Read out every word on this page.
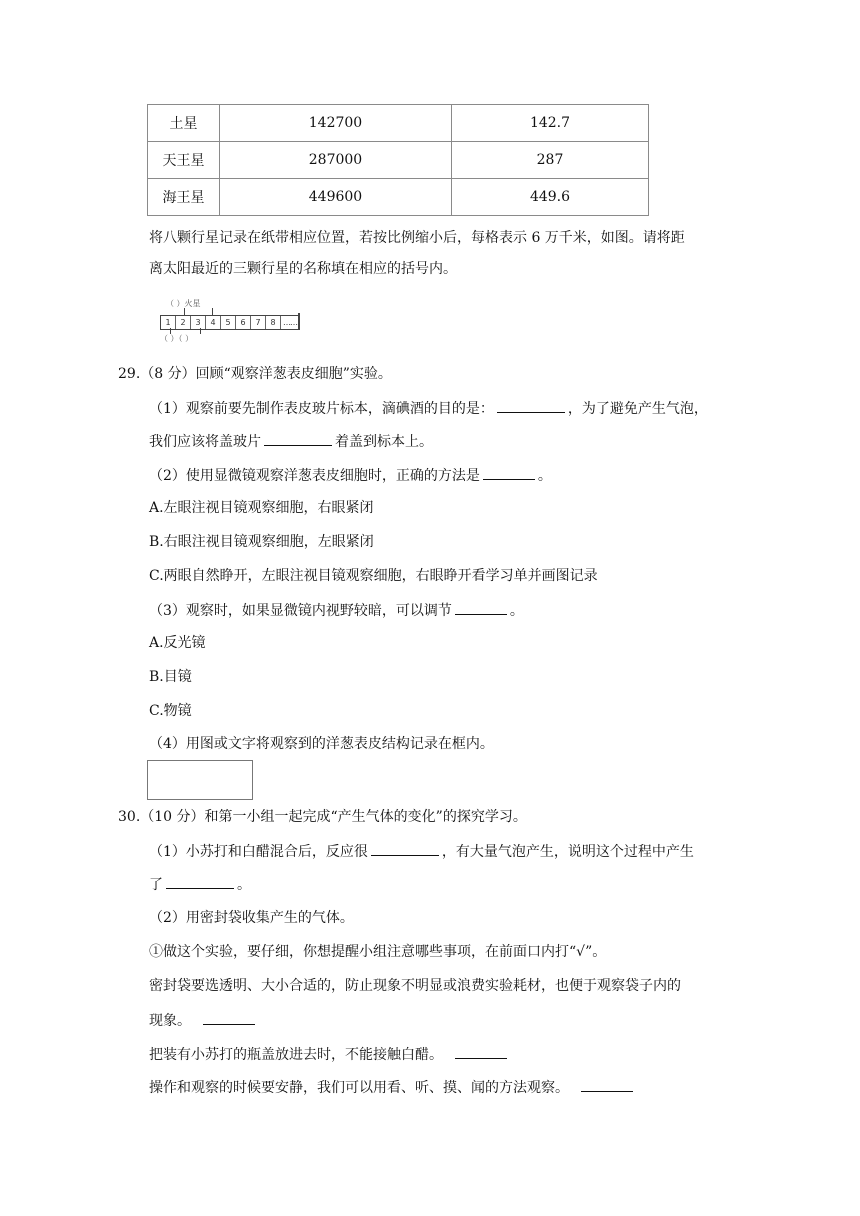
土星	142700	142.7
天王星	287000	287
海王星	449600	449.6
将八颗行星记录在纸带相应位置，若按比例缩小后，每格表示 6 万千米，如图。请将距
离太阳最近的三颗行星的名称填在相应的括号内。
（ ）火星
1	2	3	4	5	6	7	8 ……
（ ）（ ）
29.（8 分）回顾“观察洋葱表皮细胞”实验。
（1）观察前要先制作表皮玻片标本，滴碘酒的目的是：	，为了避免产生气泡，
我们应该将盖玻片	着盖到标本上。
（2）使用显微镜观察洋葱表皮细胞时，正确的方法是	。
A.左眼注视目镜观察细胞，右眼紧闭
B.右眼注视目镜观察细胞，左眼紧闭
C.两眼自然睁开，左眼注视目镜观察细胞，右眼睁开看学习单并画图记录
（3）观察时，如果显微镜内视野较暗，可以调节	。
A.反光镜
B.目镜
C.物镜
（4）用图或文字将观察到的洋葱表皮结构记录在框内。
30.（10 分）和第一小组一起完成“产生气体的变化”的探究学习。
（1）小苏打和白醋混合后，反应很	，有大量气泡产生，说明这个过程中产生
了	。
（2）用密封袋收集产生的气体。
①做这个实验，要仔细，你想提醒小组注意哪些事项，在前面口内打“√”。
密封袋要选透明、大小合适的，防止现象不明显或浪费实验耗材，也便于观察袋子内的
现象。
把装有小苏打的瓶盖放进去时，不能接触白醋。
操作和观察的时候要安静，我们可以用看、听、摸、闻的方法观察。
